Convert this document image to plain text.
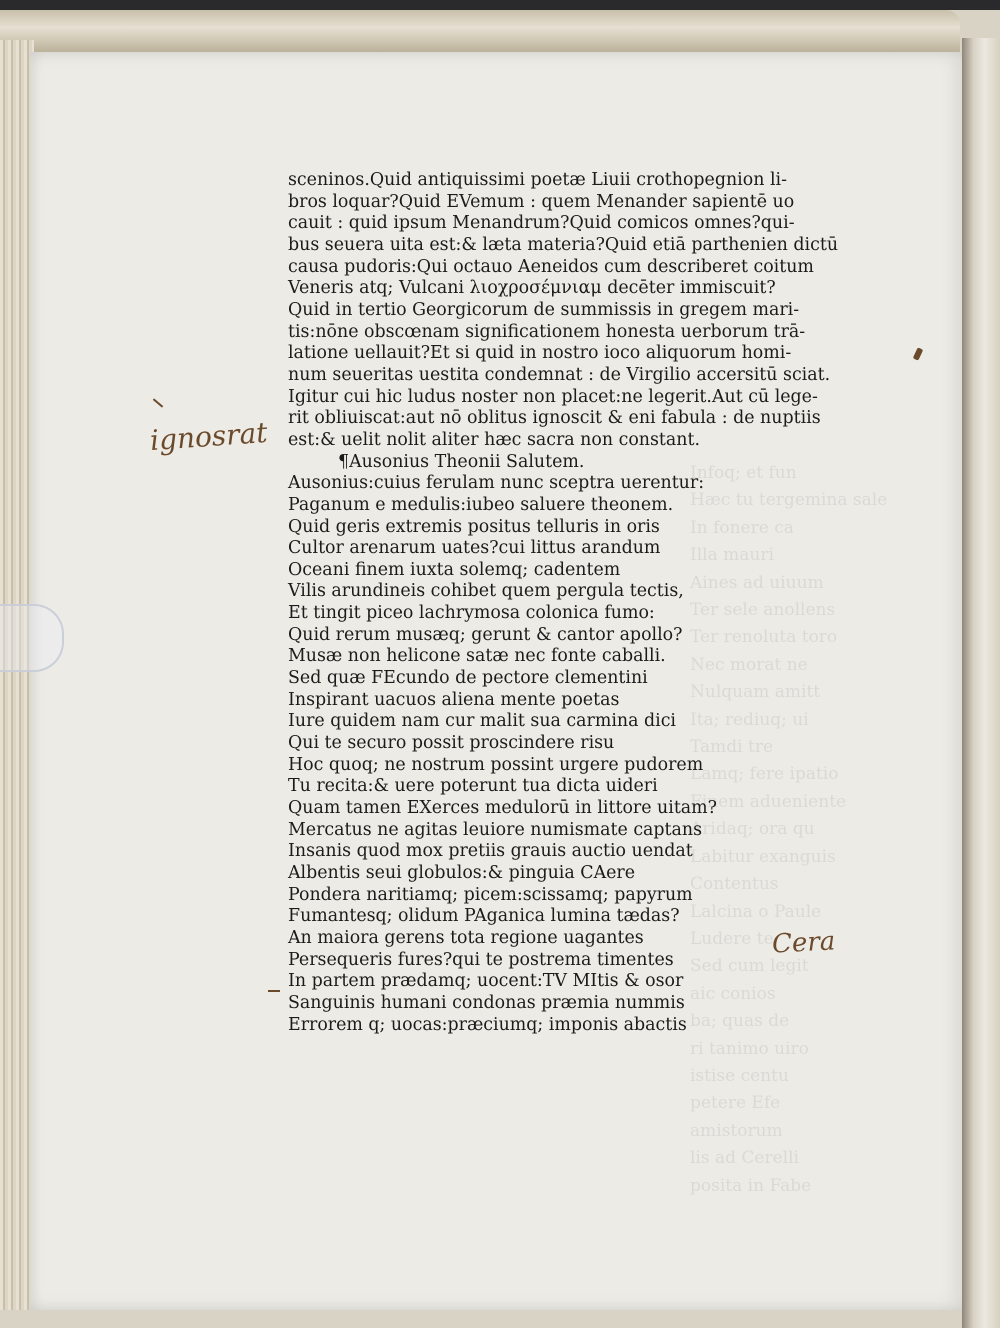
Infoq; et fun
Hæc tu tergemina sale
In fonere ca
Illa mauri
Aines ad uiuum
Ter sele anollens
Ter renoluta toro
Nec morat ne
Nulquam amitt
Ita; rediuq; ui
Tamdi tre
Lamq; fere ipatio
Finem adueniente
Aridaq; ora qu
Labitur exanguis
Contentus
Lalcina o Paule
Ludere te
Sed cum legit
aic conios
ba; quas de
ri tanimo uiro
istise centu
petere Efe
amistorum
lis ad Cerelli
posita in Fabe
sceninos.Quid antiquissimi poetæ Liuii crothopegnion li-
bros loquar?Quid EVemum : quem Menander sapientē uo
cauit : quid ipsum Menandrum?Quid comicos omnes?qui-
bus seuera uita est:& læta materia?Quid etiā parthenien dictū
causa pudoris:Qui octauo Aeneidos cum describeret coitum
Veneris atq; Vulcani λιοχροσέμνιαμ decēter immiscuit?
Quid in tertio Georgicorum de summissis in gregem mari-
tis:nōne obscœnam significationem honesta uerborum trā-
latione uellauit?Et si quid in nostro ioco aliquorum homi-
num seueritas uestita condemnat : de Virgilio accersitū sciat.
Igitur cui hic ludus noster non placet:ne legerit.Aut cū lege-
rit obliuiscat:aut nō oblitus ignoscit & eni fabula : de nuptiis
est:& uelit nolit aliter hæc sacra non constant.
¶Ausonius Theonii Salutem.
Ausonius:cuius ferulam nunc sceptra uerentur:
Paganum e medulis:iubeo saluere theonem.
Quid geris extremis positus telluris in oris
Cultor arenarum uates?cui littus arandum
Oceani finem iuxta solemq; cadentem
Vilis arundineis cohibet quem pergula tectis,
Et tingit piceo lachrymosa colonica fumo:
Quid rerum musæq; gerunt & cantor apollo?
Musæ non helicone satæ nec fonte caballi.
Sed quæ FEcundo de pectore clementini
Inspirant uacuos aliena mente poetas
Iure quidem nam cur malit sua carmina dici
Qui te securo possit proscindere risu
Hoc quoq; ne nostrum possint urgere pudorem
Tu recita:& uere poterunt tua dicta uideri
Quam tamen EXerces medulorū in littore uitam?
Mercatus ne agitas leuiore numismate captans
Insanis quod mox pretiis grauis auctio uendat
Albentis seui globulos:& pinguia CAere
Pondera naritiamq; picem:scissamq; papyrum
Fumantesq; olidum PAganica lumina tædas?
An maiora gerens tota regione uagantes
Persequeris fures?qui te postrema timentes
In partem prædamq; uocent:TV MItis & osor
Sanguinis humani condonas præmia nummis
Errorem q; uocas:præciumq; imponis abactis
ignosrat
Cera
